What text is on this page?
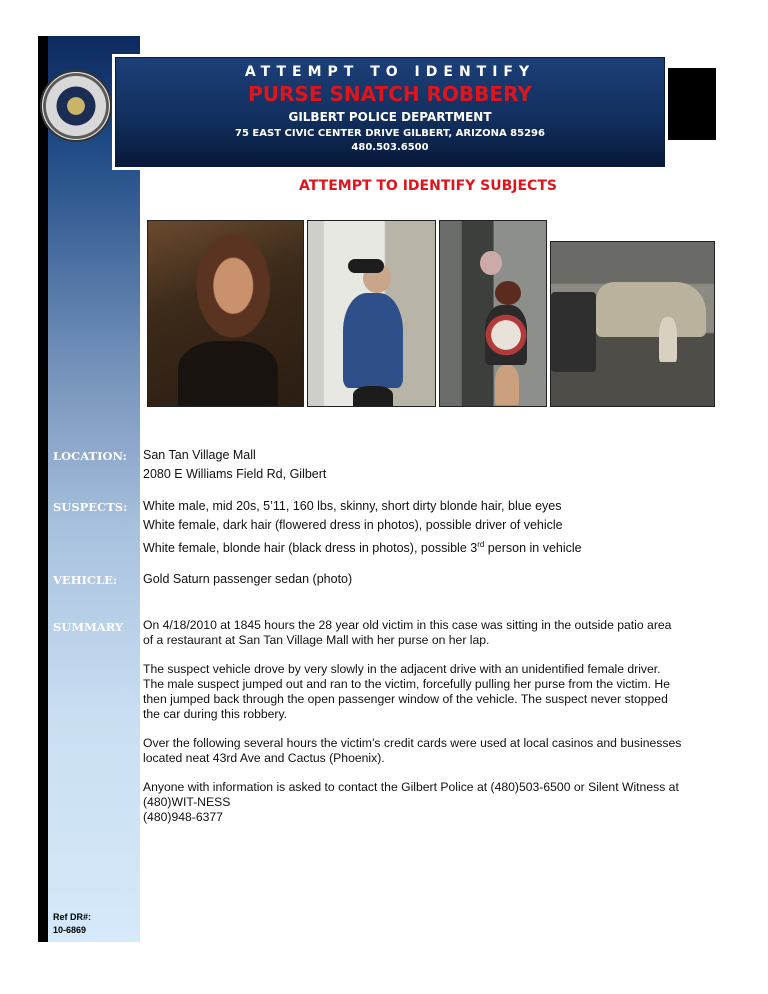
ATTEMPT TO IDENTIFY
PURSE SNATCH ROBBERY
GILBERT POLICE DEPARTMENT
75 EAST CIVIC CENTER DRIVE GILBERT, ARIZONA 85296
480.503.6500
ATTEMPT TO IDENTIFY SUBJECTS
LOCATION: San Tan Village Mall
2080 E Williams Field Rd, Gilbert
SUSPECTS: White male, mid 20s, 5’11, 160 lbs, skinny, short dirty blonde hair, blue eyes
White female, dark hair (flowered dress in photos), possible driver of vehicle
White female, blonde hair (black dress in photos), possible 3rd person in vehicle
VEHICLE: Gold Saturn passenger sedan (photo)
SUMMARY On 4/18/2010 at 1845 hours the 28 year old victim in this case was sitting in the outside patio area
of a restaurant at San Tan Village Mall with her purse on her lap.

The suspect vehicle drove by very slowly in the adjacent drive with an unidentified female driver.
The male suspect jumped out and ran to the victim, forcefully pulling her purse from the victim. He
then jumped back through the open passenger window of the vehicle. The suspect never stopped
the car during this robbery.

Over the following several hours the victim’s credit cards were used at local casinos and businesses
located neat 43rd Ave and Cactus (Phoenix).

Anyone with information is asked to contact the Gilbert Police at (480)503-6500 or Silent Witness at
(480)WIT-NESS
(480)948-6377

Ref DR#:
10-6869
